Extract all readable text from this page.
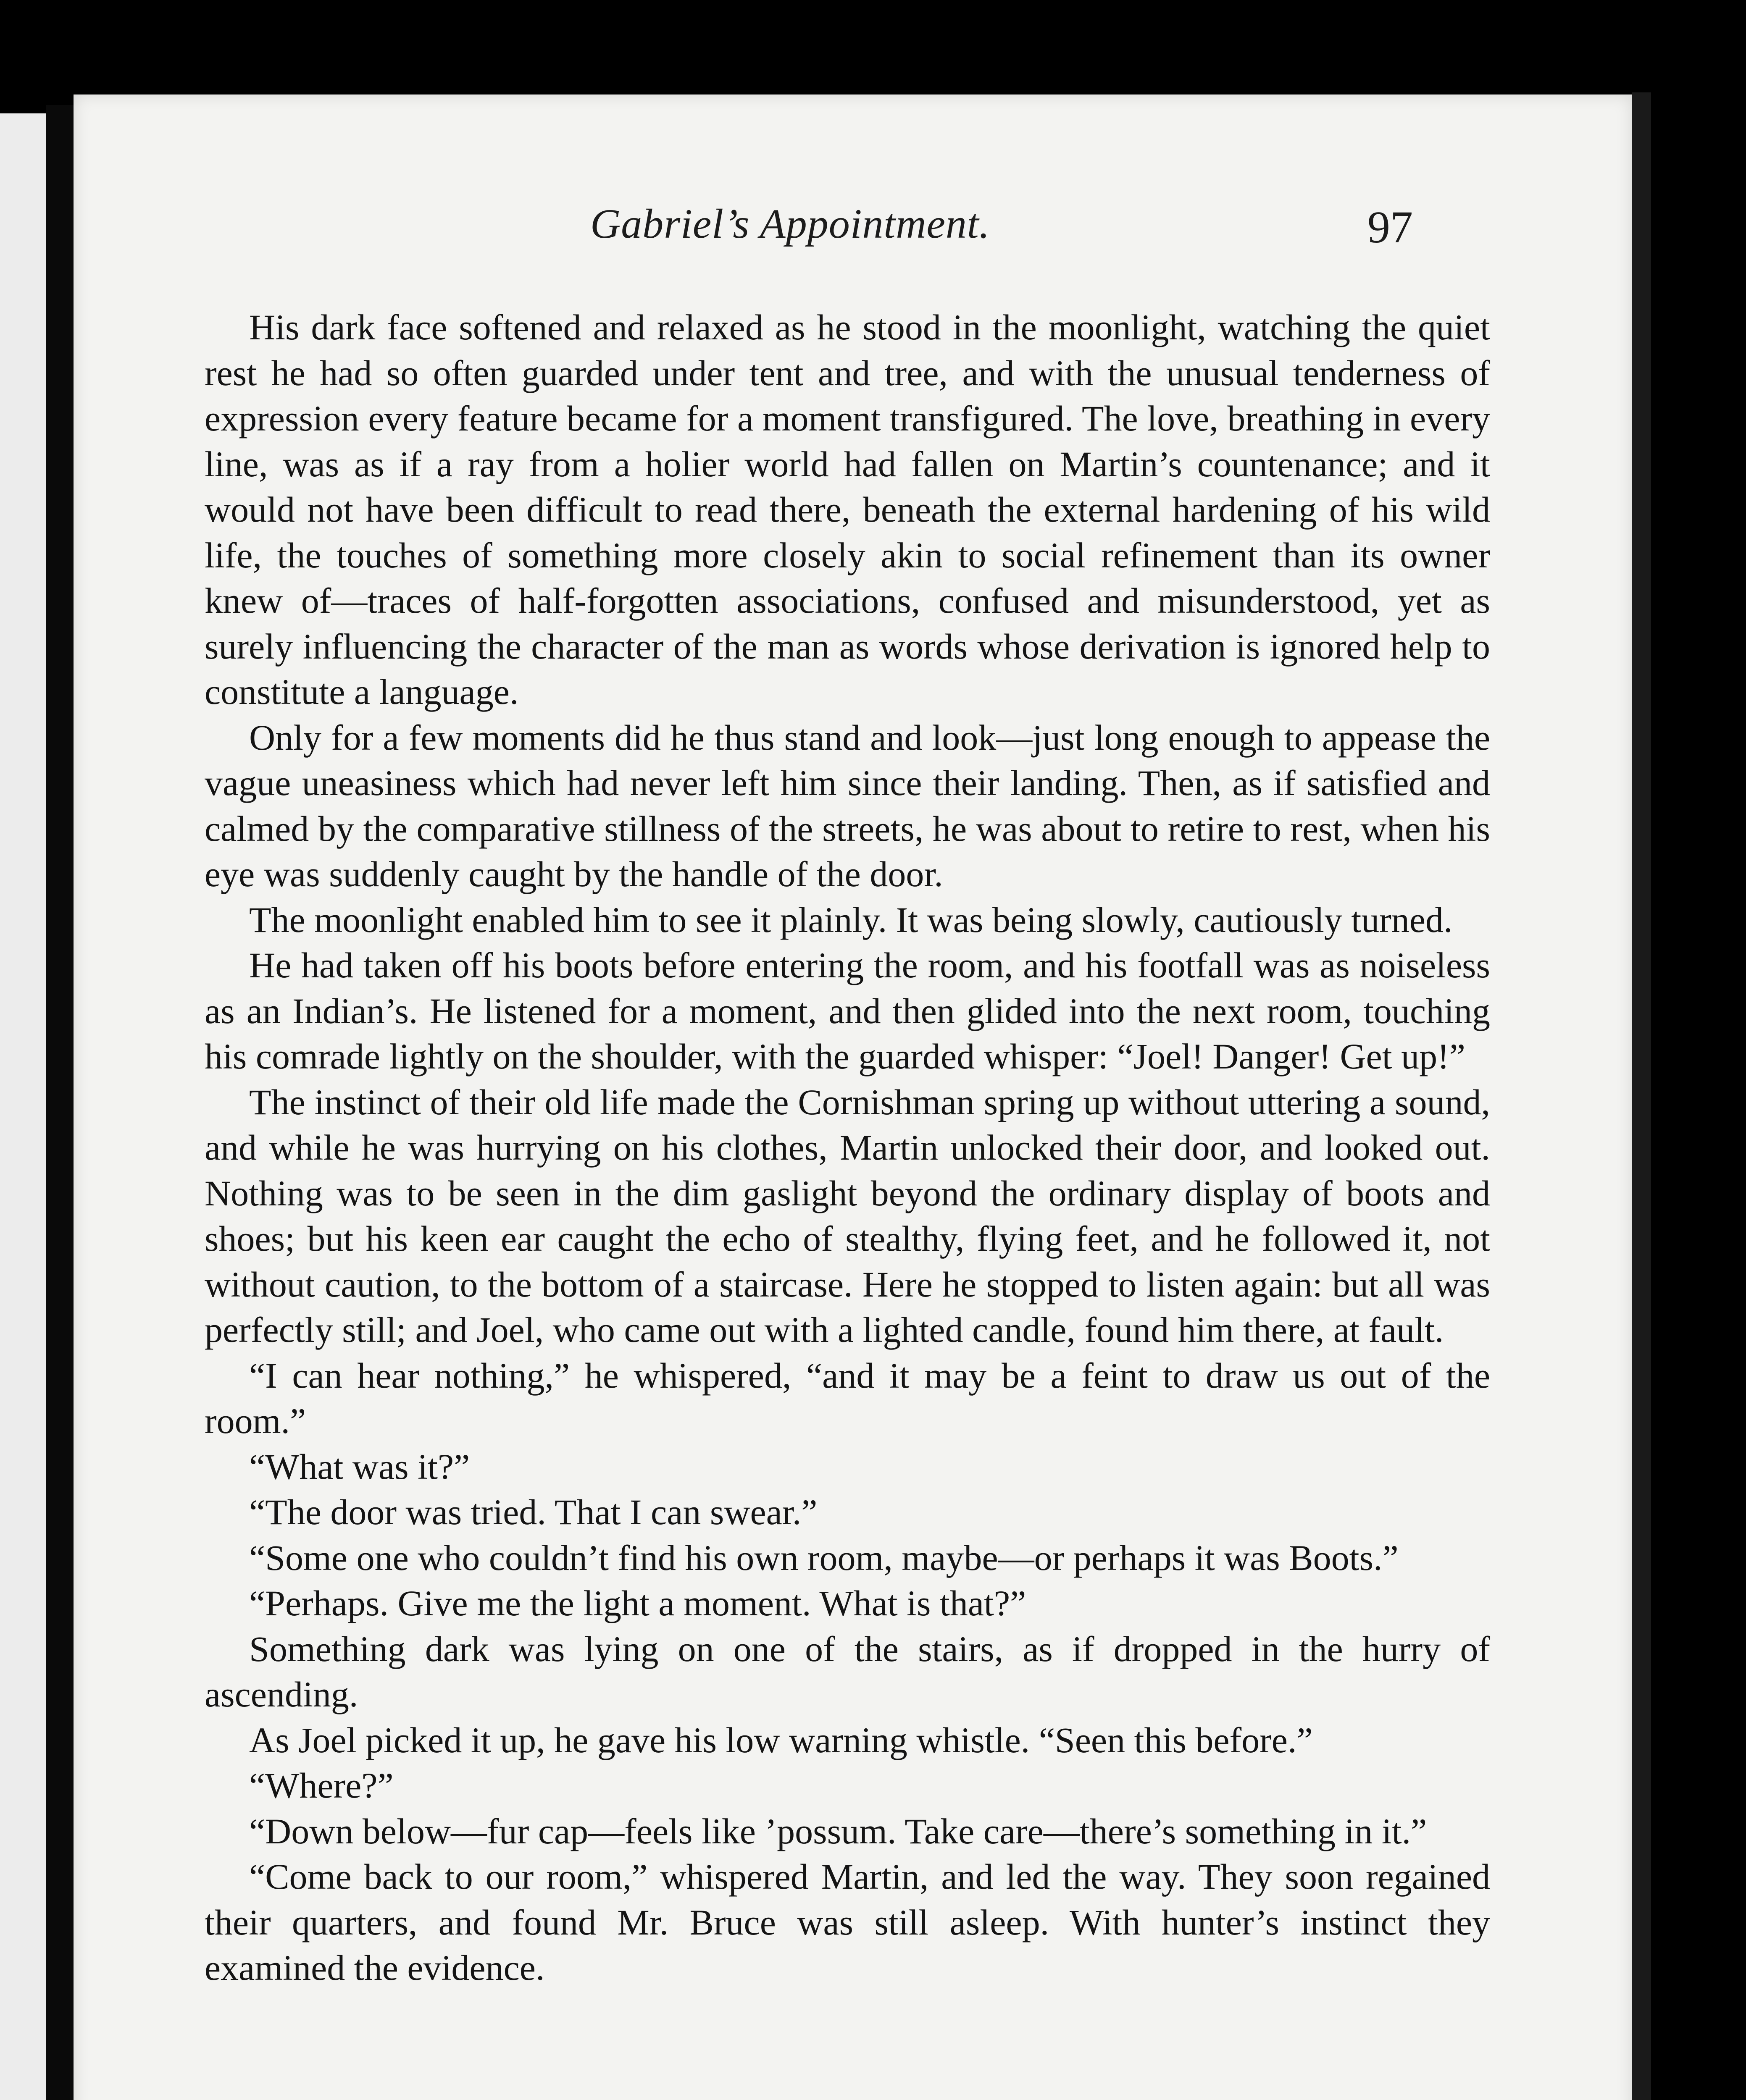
Gabriel’s Appointment.	97

His dark face softened and relaxed as he stood in the moonlight, watching the quiet rest he had so often guarded under tent and tree, and with the unusual tenderness of expression every feature became for a moment transfigured. The love, breathing in every line, was as if a ray from a holier world had fallen on Martin’s countenance; and it would not have been difficult to read there, beneath the external hardening of his wild life, the touches of something more closely akin to social refinement than its owner knew of—traces of half-forgotten associations, confused and misunderstood, yet as surely influencing the character of the man as words whose derivation is ignored help to constitute a language.

Only for a few moments did he thus stand and look—just long enough to appease the vague uneasiness which had never left him since their landing. Then, as if satisfied and calmed by the comparative stillness of the streets, he was about to retire to rest, when his eye was suddenly caught by the handle of the door.

The moonlight enabled him to see it plainly. It was being slowly, cautiously turned.

He had taken off his boots before entering the room, and his footfall was as noiseless as an Indian’s. He listened for a moment, and then glided into the next room, touching his comrade lightly on the shoulder, with the guarded whisper: “Joel! Danger! Get up!”

The instinct of their old life made the Cornishman spring up without uttering a sound, and while he was hurrying on his clothes, Martin unlocked their door, and looked out. Nothing was to be seen in the dim gaslight beyond the ordinary display of boots and shoes; but his keen ear caught the echo of stealthy, flying feet, and he followed it, not without caution, to the bottom of a staircase. Here he stopped to listen again: but all was perfectly still; and Joel, who came out with a lighted candle, found him there, at fault.

“I can hear nothing,” he whispered, “and it may be a feint to draw us out of the room.”

“What was it?”

“The door was tried. That I can swear.”

“Some one who couldn’t find his own room, maybe—or perhaps it was Boots.”

“Perhaps. Give me the light a moment. What is that?”

Something dark was lying on one of the stairs, as if dropped in the hurry of ascending.

As Joel picked it up, he gave his low warning whistle. “Seen this before.”

“Where?”

“Down below—fur cap—feels like ’possum. Take care—there’s something in it.”

“Come back to our room,” whispered Martin, and led the way. They soon regained their quarters, and found Mr. Bruce was still asleep. With hunter’s instinct they examined the evidence.
